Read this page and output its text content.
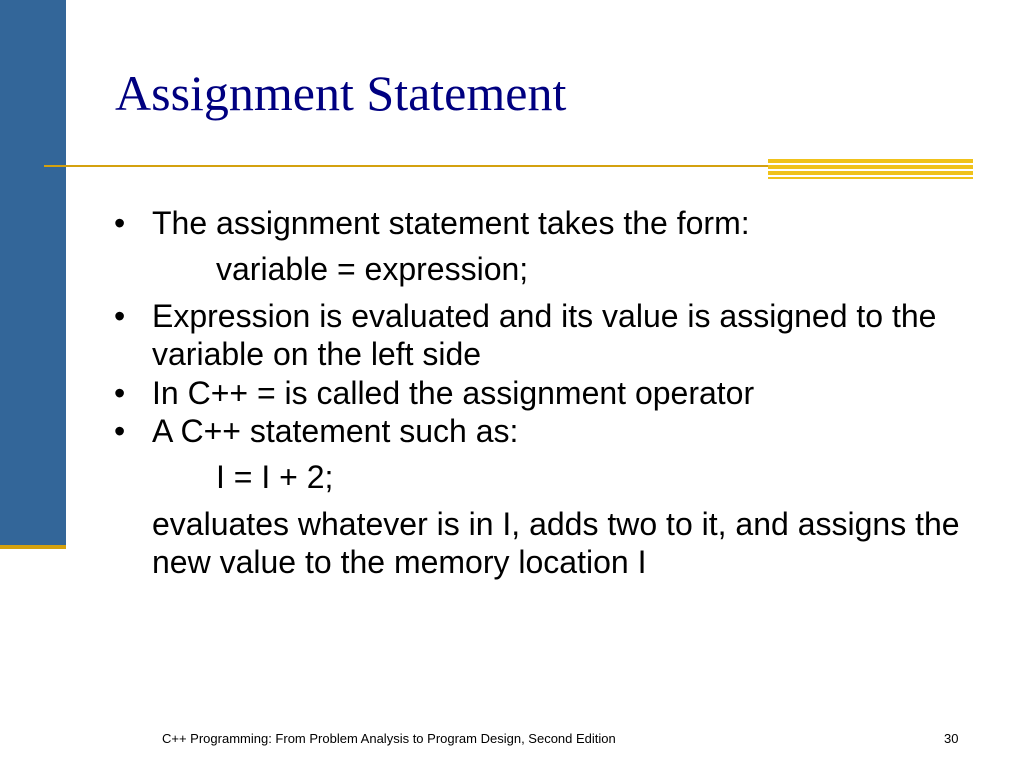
Assignment Statement
• The assignment statement takes the form:
variable = expression;
• Expression is evaluated and its value is assigned to the variable on the left side
• In C++ = is called the assignment operator
• A C++ statement such as:
I = I + 2;
evaluates whatever is in I, adds two to it, and assigns the new value to the memory location I
C++ Programming: From Problem Analysis to Program Design, Second Edition	30
